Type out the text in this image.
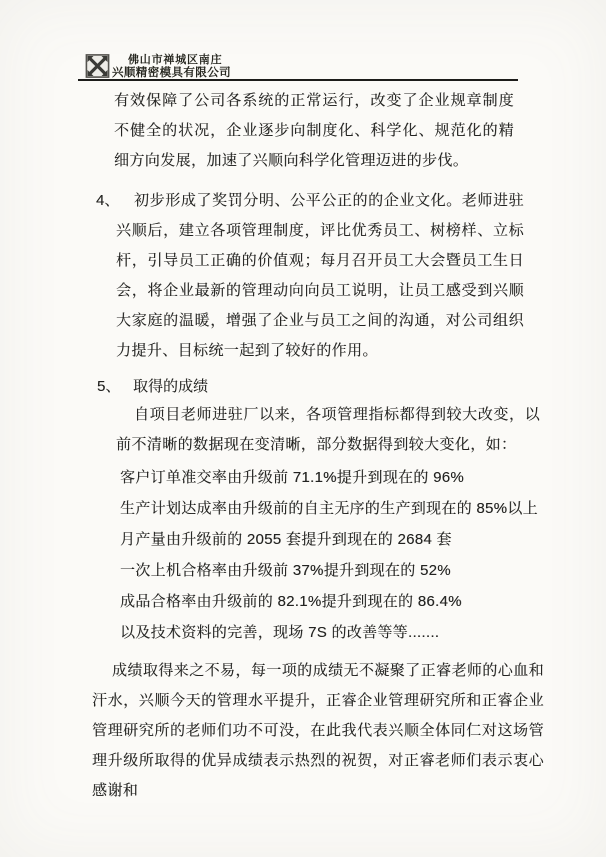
佛山市禅城区南庄
兴顺精密模具有限公司

有效保障了公司各系统的正常运行，改变了企业规章制度不健全的状况，企业逐步向制度化、科学化、规范化的精细方向发展，加速了兴顺向科学化管理迈进的步伐。

4、 初步形成了奖罚分明、公平公正的的企业文化。老师进驻兴顺后，建立各项管理制度，评比优秀员工、树榜样、立标杆，引导员工正确的价值观；每月召开员工大会暨员工生日会，将企业最新的管理动向向员工说明，让员工感受到兴顺大家庭的温暖，增强了企业与员工之间的沟通，对公司组织力提升、目标统一起到了较好的作用。

5、 取得的成绩

自项目老师进驻厂以来，各项管理指标都得到较大改变，以前不清晰的数据现在变清晰，部分数据得到较大变化，如：

客户订单准交率由升级前 71.1%提升到现在的 96%
生产计划达成率由升级前的自主无序的生产到现在的 85%以上
月产量由升级前的 2055 套提升到现在的 2684 套
一次上机合格率由升级前 37%提升到现在的 52%
成品合格率由升级前的 82.1%提升到现在的 86.4%
以及技术资料的完善，现场 7S 的改善等等.......

成绩取得来之不易，每一项的成绩无不凝聚了正睿老师的心血和汗水，兴顺今天的管理水平提升，正睿企业管理研究所和正睿企业管理研究所的老师们功不可没，在此我代表兴顺全体同仁对这场管理升级所取得的优异成绩表示热烈的祝贺，对正睿老师们表示衷心感谢和
